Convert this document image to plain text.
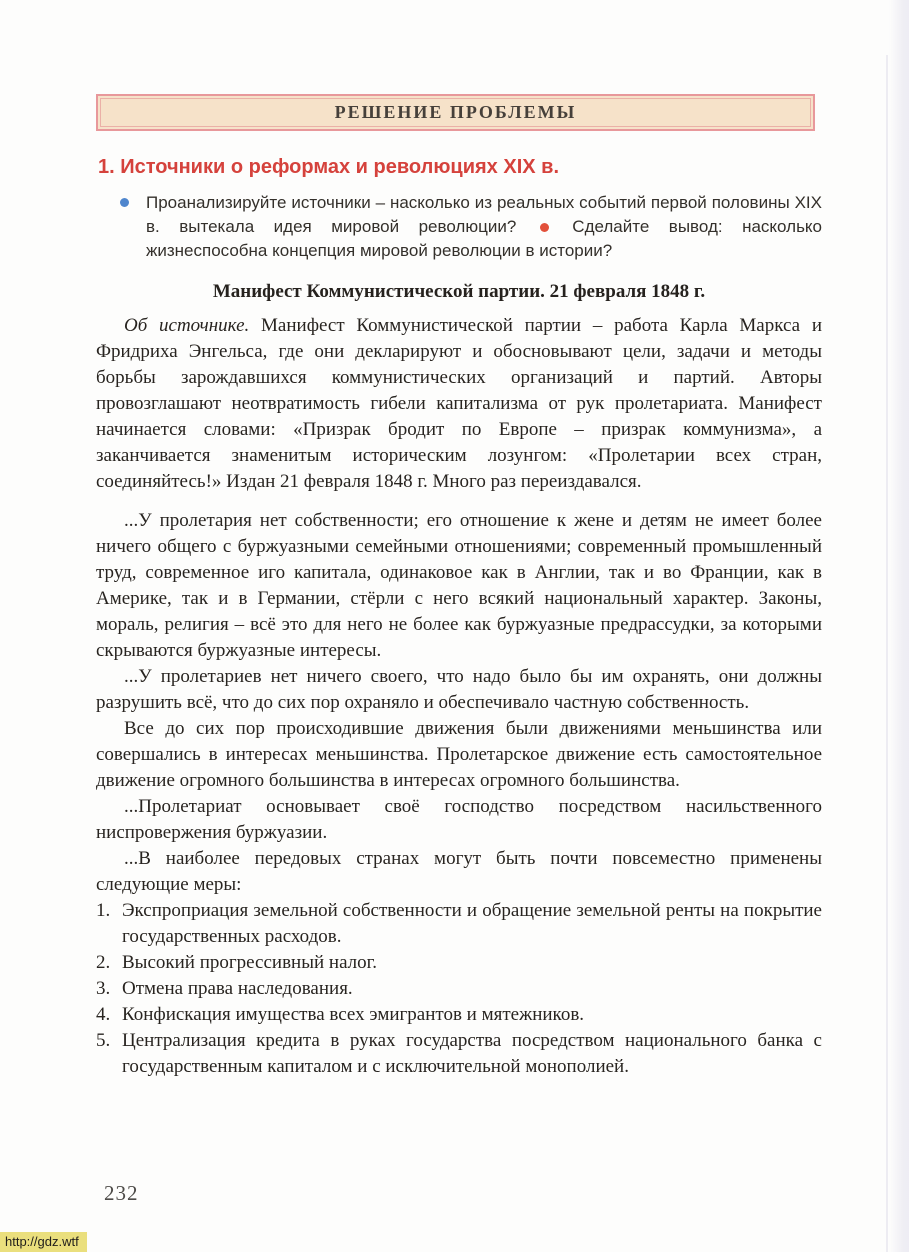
РЕШЕНИЕ ПРОБЛЕМЫ
1. Источники о реформах и революциях XIX в.
Проанализируйте источники – насколько из реальных событий первой половины XIX в. вытекала идея мировой революции?	Сделайте вывод: насколько жизнеспособна концепция мировой революции в истории?
Манифест Коммунистической партии. 21 февраля 1848 г.

Об источнике. Манифест Коммунистической партии – работа Карла Маркса и Фридриха Энгельса, где они декларируют и обосновывают цели, задачи и методы борьбы зарождавшихся коммунистических организаций и партий. Авторы провозглашают неотвратимость гибели капитализма от рук пролетариата. Манифест начинается словами: «Призрак бродит по Европе – призрак коммунизма», а заканчивается знаменитым историческим лозунгом: «Пролетарии всех стран, соединяйтесь!» Издан 21 февраля 1848 г. Много раз переиздавался.

...У пролетария нет собственности; его отношение к жене и детям не имеет более ничего общего с буржуазными семейными отношениями; современный промышленный труд, современное иго капитала, одинаковое как в Англии, так и во Франции, как в Америке, так и в Германии, стёрли с него всякий национальный характер. Законы, мораль, религия – всё это для него не более как буржуазные предрассудки, за которыми скрываются буржуазные интересы.

...У пролетариев нет ничего своего, что надо было бы им охранять, они должны разрушить всё, что до сих пор охраняло и обеспечивало частную собственность.

Все до сих пор происходившие движения были движениями меньшинства или совершались в интересах меньшинства. Пролетарское движение есть самостоятельное движение огромного большинства в интересах огромного большинства.

...Пролетариат основывает своё господство посредством насильственного ниспровержения буржуазии.

...В наиболее передовых странах могут быть почти повсеместно применены следующие меры:

1. Экспроприация земельной собственности и обращение земельной ренты на покрытие государственных расходов.
2. Высокий прогрессивный налог.
3. Отмена права наследования.
4. Конфискация имущества всех эмигрантов и мятежников.
5. Централизация кредита в руках государства посредством национального банка с государственным капиталом и с исключительной монополией.
232
http://gdz.wtf
